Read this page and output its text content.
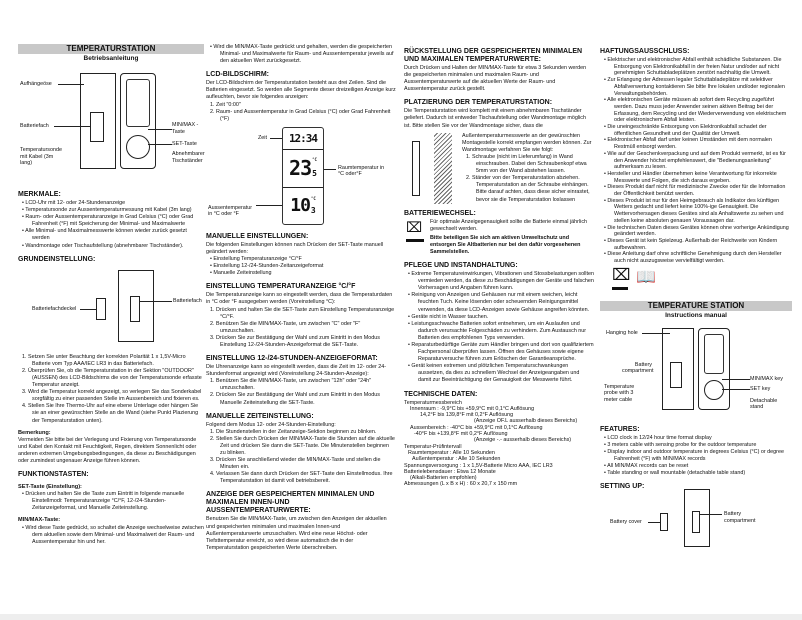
TEMPERATURSTATION
Betriebsanleitung
Aufhängeöse
Batteriefach
Temperatursonde mit Kabel (3m lang)
MIN/MAX -Taste
SET-Taste
Abnehmbarer Tischständer
MERKMALE:
• LCD-Uhr mit 12- oder 24-Stundenanzeige
• Temperatursonde zur Aussentemperaturmessung mit Kabel (3m lang)
• Raum- oder Aussentemperaturanzeige in Grad Celsius (°C) oder Grad Fahrenheit (°F) mit Speicherung der Minimal- und Maximalwerte
• Alle Minimal- und Maximalmesswerte können wieder zurück gesetzt werden
• Wandmontage oder Tischaufstellung (abnehmbarer Tischständer).
GRUNDEINSTELLUNG:
Batteriefachdeckel
Batteriefach
1. Setzen Sie unter Beachtung der korrekten Polarität 1 x 1,5V-Micro Batterie vom Typ AAA/IEC LR3 in das Batteriefach.
2. Überprüfen Sie, ob die Temperaturstation in der Sektion "OUTDOOR" (AUSSEN) des LCD-Bildschirms die von der Temperatursonde erfasste Temperatur anzeigt.
3. Wird die Temperatur korrekt angezeigt, so verlegen Sie das Sonderkabel sorgfältig zu einer passenden Stelle im Aussenbereich und fixieren es.
4. Stellen Sie Ihre Thermo-Uhr auf eine ebene Unterlage oder hängen Sie sie an einer gewünschten Stelle an die Wand (siehe Punkt Plazierung der Temperaturstation unten).
Bemerkung:

Vermeiden Sie bitte bei der Verlegung und Fixierung von Temperatursonde und Kabel den Kontakt mit Feuchtigkeit, Regen, direktem Sonnenlicht oder anderen extremen Umgebungsbedingungen, da diese zu Beschädigungen oder zumindest ungenauer Anzeige führen können.

FUNKTIONSTASTEN:
SET-Taste (Einstellung):
• Drücken und halten Sie die Taste zum Eintritt in folgende manuelle Einstellmodi: Temperaturanzeige °C/°F, 12-/24-Stunden-Zeitanzeigeformat, und Manuelle Zeiteinstellung.
MIN/MAX-Taste:
• Wird diese Taste gedrückt, so schaltet die Anzeige wechselweise zwischen dem aktuellen sowie dem Minimal- und Maximalwert der Raum- und Aussentemperatur hin und her.
• Wird die MIN/MAX-Taste gedrückt und gehalten, werden die gespeicherten Minimal- und Maximalwerte für Raum- und Aussentemperatur jeweils auf den aktuellen Wert zurückgesetzt.
LCD-BILDSCHIRM:

Der LCD-Bildschirm der Temperaturstation besteht aus drei Zeilen. Sind die Batterien eingesetzt. So werden alle Segmente dieser dreizeiligen Anzeige kurz aufleuchten, bevor sie folgendes anzeigen:

1. Zeit "0:00"
2. Raum- und Aussentemperatur in Grad Celsius (°C) oder Grad Fahrenheit (°F)
12:34
23 °C
5
10 °C
3
Zeit
Raumtemperatur in °C oder°F
Aussentemperatur in °C oder °F
MANUELLE EINSTELLUNGEN:

Die folgenden Einstellungen können nach Drücken der SET-Taste manuell geändert werden:

• Einstellung Temperaturanzeige °C/°F
• Einstellung 12-/24-Stunden-Zeitanzeigeformat
• Manuelle Zeiteinstellung
EINSTELLUNG TEMPERATURANZEIGE °C/°F

Die Temperaturanzeige kann so eingestellt werden, dass die Temperaturdaten in °C oder °F ausgegeben werden (Voreinstellung °C):

1. Drücken und halten Sie die SET-Taste zum Einstellung Temperaturanzeige °C/°F.
2. Benützen Sie die MIN/MAX-Taste, um zwischen "C" oder "F" umzuschalten.
3. Drücken Sie zur Bestätigung der Wahl und zum Eintritt in den Modus Einstellung 12-/24-Stunden-Anzeigeformat die SET-Taste.
EINSTELLUNG 12-/24-STUNDEN-ANZEIGEFORMAT:

Die Uhrenanzeige kann so eingestellt werden, dass die Zeit im 12- oder 24-Stundenformat angezeigt wird (Voreinstellung 24-Stunden-Anzeige):

1. Benützen Sie die MIN/MAX-Taste, um zwischen "12h" oder "24h" umzuschalten.
2. Drücken Sie zur Bestätigung der Wahl und zum Eintritt in den Modus Manuelle Zeiteinstellung die SET-Taste.
MANUELLE ZEITEINSTELLUNG:

Folgend dem Modus 12- oder 24-Stunden-Einstellung:

1. Die Stundenstellen in der Zeitanzeige-Sektion beginnen zu blinken.
2. Stellen Sie durch Drücken der MIN/MAX-Taste die Stunden auf die aktuelle Zeit und drücken Sie dann die SET-Taste. Die Minutenstellen beginnen zu blinken.
3. Drücken Sie anschließend wieder die MIN/MAX-Taste und stellen die Minuten ein.
4. Verlassen Sie dann durch Drücken der SET-Taste den Einstellmodus. Ihre Temperaturstation ist damit voll betriebsbereit.
ANZEIGE DER GESPEICHERTEN MINIMALEN UND MAXIMALEN INNEN-UND AUSSENTEMPERATURWERTE:

Benutzen Sie die MIN/MAX-Taste, um zwischen den Anzeigen der aktuellen und gespeicherten minimalen und maximalen Innen-und Außentemperaturwerte umzuschalten. Wird eine neue Höchst- oder Tiefsttemperatur erreicht, so wird diese automatisch die in der Temperaturstation gespeicherten Werte überschreiben.

RÜCKSTELLUNG DER GESPEICHERTEN MINIMALEN UND MAXIMALEN TEMPERATURWERTE:

Durch Drücken und Halten der MIN/MAX-Taste für etwa 3 Sekunden werden die gespeicherten minimalen und maximalen Raum- und Aussentemperaturwerte auf die aktuellen Werte der Raum- und Aussentemperatur zurück gestellt.

PLATZIERUNG DER TEMPERATURSTATION:

Die Temperaturstation wird komplett mit einem abnehmbaren Tischständer geliefert. Dadurch ist entweder Tischaufstellung oder Wandmontage möglich ist. Bitte stellen Sie vor der Wandmontage sicher, dass die

Außentemperaturmesswerte an der gewünschten Montagestelle korrekt empfangen werden können. Zur Wandmontage verfahren Sie wie folgt:

1. Schraube (nicht im Lieferumfang) in Wand einschrauben. Dabei den Schraubenkopf etwa 5mm von der Wand abstehen lassen.
2. Ständer von der Temperaturstation abziehen. Temperaturstation an der Schraube einhängen. Bitte darauf achten, dass diese sicher einrastet, bevor sie die Temperaturstation loslassen
BATTERIEWECHSEL:
⌧ Für optimale Anzeigegenauigkeit sollte die Batterie einmal jährlich gewechselt werden.

Bitte beteiligen Sie sich am aktiven Umweltschutz und entsorgen Sie Altbatterien nur bei den dafür vorgesehenen Sammelstellen.

PFLEGE UND INSTANDHALTUNG:
• Extreme Temperatureinwirkungen, Vibrationen und Stossbelastungen sollten vermieden werden, da diese zu Beschädigungen der Geräte und falschen Vorhersagen und Angaben führen kann.
• Reinigung von Anzeigen und Gehäusen nur mit einem weichen, leicht feuchten Tuch. Keine lösenden oder scheuernden Reinigungsmittel verwenden, da diese LCD-Anzeigen sowie Gehäuse angreifen könnten.
• Geräte nicht in Wasser tauchen.
• Leistungsschwache Batterien sofort entnehmen, um ein Auslaufen und dadurch verursachte Folgeschäden zu verhindern. Zum Austausch nur Batterien des empfohlenen Typs verwenden.
• Reparaturbedürftige Geräte zum Händler bringen und dort von qualifiziertem Fachpersonal überprüfen lassen. Öffnen des Gehäuses sowie eigene Reparaturversuche führen zum Erlöschen der Garantieansprüche.
• Gerät keinen extremen und plötzlichen Temperaturschwankungen aussetzen, da dies zu schnellem Wechsel der Anzeigeangaben und damit zur Beeinträchtigung der Genauigkeit der Messwerte führt.
TECHNISCHE DATEN:

Temperaturmessbereich

Innenraum : -9,9°C bis +59,9°C mit 0,1°C Auflösung

14,2°F bis 139,8°F mit 0,2°F Auflösung

(Anzeige OF.L ausserhalb dieses Bereichs)

Aussenbereich : -40°C bis +59,9°C mit 0,1°C Auflösung

-40°F bis +139,8°F mit 0,2°F Auflösung

(Anzeige -.- ausserhalb dieses Bereichs)

Temperatur-Prüfintervall

Raumtemperatur : Alle 10 Sekunden

Außentemperatur : Alle 10 Sekunden

Spannungsversorgung : 1 x 1,5V-Batterie Micro AAA, IEC LR3

Batterielebensdauer : Etwa 12 Monate

(Alkali-Batterien empfohlen)

Abmessungen (L x B x H) : 60 x 20,7 x 150 mm

HAFTUNGSAUSSCHLUSS:
• Elektrischer und elektronischer Abfall enthält schädliche Substanzen. Die Entsorgung von Elektronikabfall in der freien Natur und/oder auf nicht genehmigten Schuttabladeplätzen zerstört nachhaltig die Umwelt.
• Zur Erlangung der Adressen legaler Schuttabladeplätze mit selektiver Abfallverwertung kontaktieren Sie bitte Ihre lokalen und/oder regionalen Verwaltungsbehörden.
• Alle elektronischen Geräte müssen ab sofort dem Recycling zugeführt werden. Dazu muss jeder Anwender seinen aktiven Beitrag bei der Erfassung, dem Recycling und der Wiederverwendung von elektrischem oder elektronischem Abfall leisten.
• Die uneingeschränkte Entsorgung von Elektronikabfall schadet der öffentlichen Gesundheit und der Qualität der Umwelt.
• Elektronischer Abfall darf unter keinen Umständen mit dem normalen Restmüll entsorgt werden.
• Wie auf der Geschenkverpackung und auf dem Produkt vermerkt, ist es für den Anwender höchst empfehlenswert, die "Bedienungsanleitung" aufmerksam zu lesen.
• Hersteller und Händler übernehmen keine Verantwortung für inkorrekte Messwerte und Folgen, die sich daraus ergeben.
• Dieses Produkt darf nicht für medizinische Zwecke oder für die Information der Öffentlichkeit benützt werden.
• Dieses Produkt ist nur für den Heimgebrauch als Indikator des künftigen Wetters gedacht und liefert keine 100%-ige Genauigkeit. Die Wettervorhersagen dieses Gerätes sind als Anhaltswerte zu sehen und stellen keine absoluten genauen Voraussagen dar.
• Die technischen Daten dieses Gerätes können ohne vorherige Ankündigung geändert werden.
• Dieses Gerät ist kein Spielzeug. Außerhalb der Reichweite von Kindern aufbewahren.
• Diese Anleitung darf ohne schriftliche Genehmigung durch den Hersteller auch nicht auszugsweise vervielfältigt werden.
⌧ 📖
TEMPERATURE STATION
Instructions manual
Hanging hole
Battery compartment
Temperature probe with 3 meter cable
MIN/MAX key
SET key
Detachable stand
FEATURES:
• LCD clock in 12/24 hour time format display
• 3 meters cable with sensing probe for the outdoor temperature
• Display indoor and outdoor temperature in degrees Celsius (°C) or degree Fahrenheit (°F) with MIN/MAX records
• All MIN/MAX records can be reset
• Table standing or wall mountable (detachable table stand)
SETTING UP:
Battery cover
Battery compartment
